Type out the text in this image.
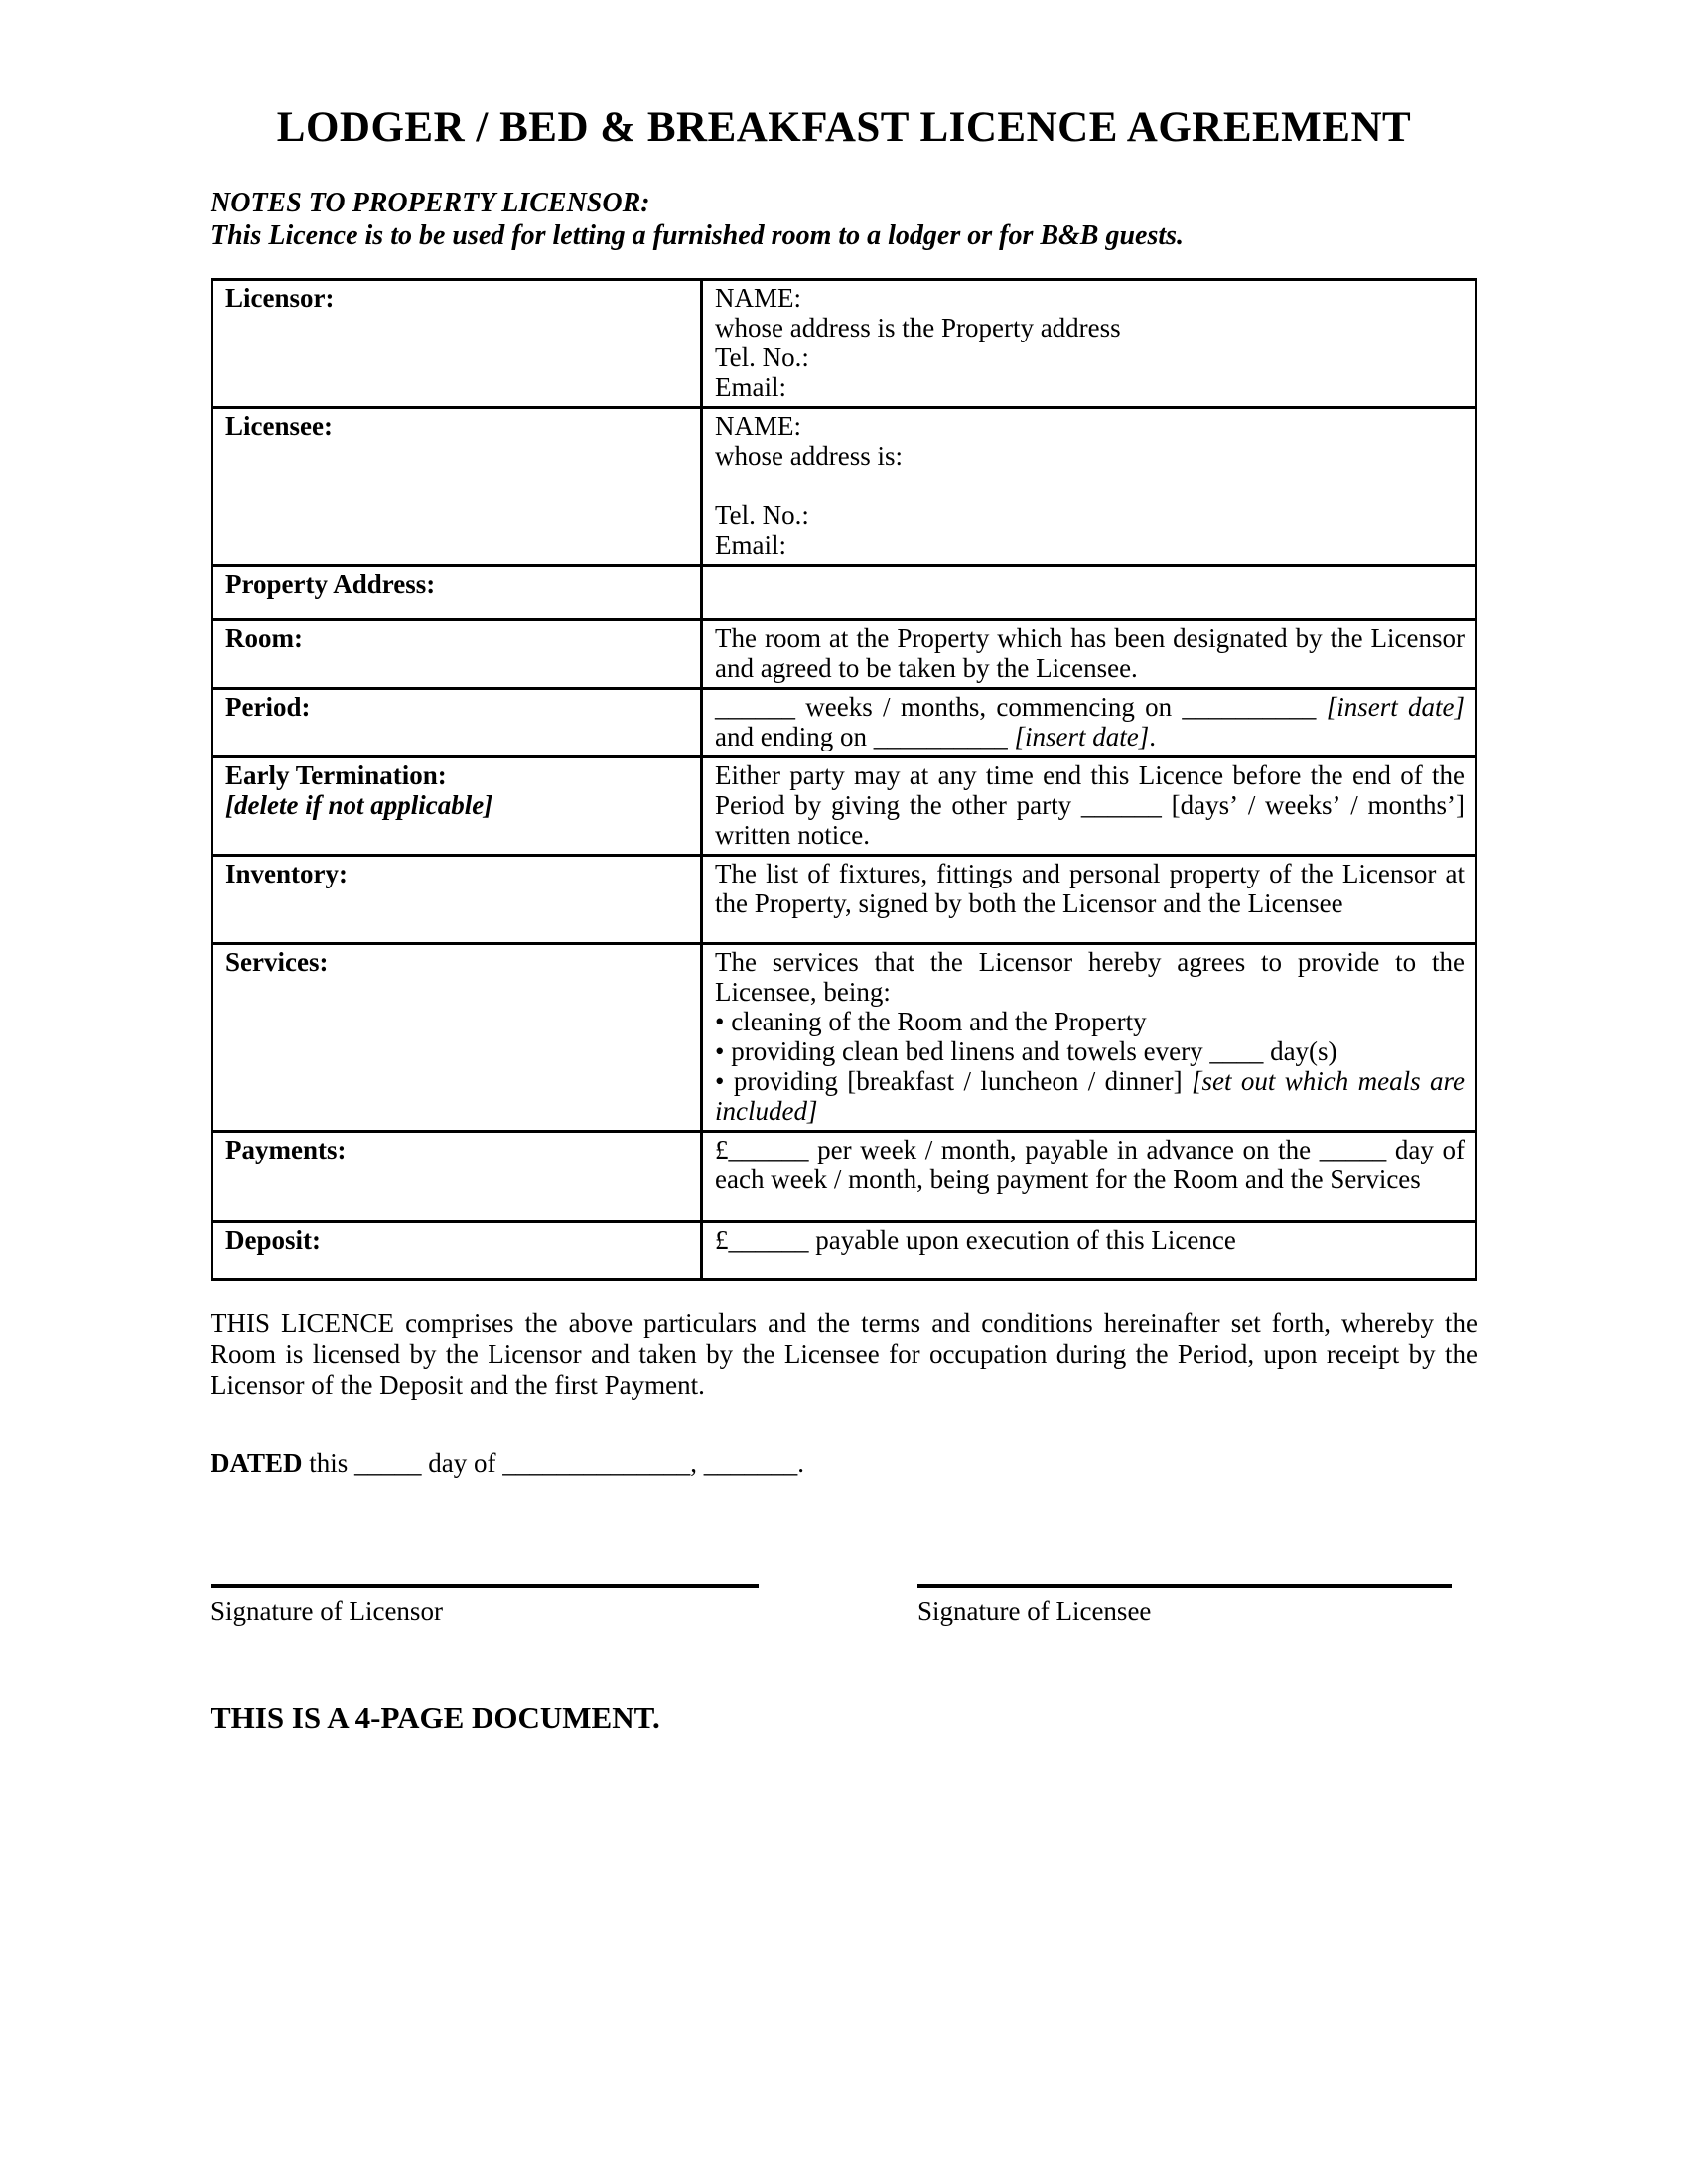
LODGER / BED & BREAKFAST LICENCE AGREEMENT
NOTES TO PROPERTY LICENSOR:
This Licence is to be used for letting a furnished room to a lodger or for B&B guests.
Licensor:	NAME:
whose address is the Property address
Tel. No.:
Email:

Licensee:	NAME:
whose address is:
Tel. No.:
Email:

Property Address:	
Room:	The room at the Property which has been designated by the Licensor and agreed to be taken by the Licensee.

Period:	______ weeks / months, commencing on __________ [insert date] and ending on __________ [insert date].

Early Termination:
[delete if not applicable]	Either party may at any time end this Licence before the end of the Period by giving the other party ______ [days’ / weeks’ / months’] written notice.

Inventory:	The list of fixtures, fittings and personal property of the Licensor at the Property, signed by both the Licensor and the Licensee

Services:	The services that the Licensor hereby agrees to provide to the Licensee, being:

• cleaning of the Room and the Property

• providing clean bed linens and towels every ____ day(s)

• providing [breakfast / luncheon / dinner] [set out which meals are included]

Payments:	£______ per week / month, payable in advance on the _____ day of each week / month, being payment for the Room and the Services

Deposit:	£______ payable upon execution of this Licence

THIS LICENCE comprises the above particulars and the terms and conditions hereinafter set forth, whereby the Room is licensed by the Licensor and taken by the Licensee for occupation during the Period, upon receipt by the Licensor of the Deposit and the first Payment.

DATED this _____ day of ______________, _______.

Signature of Licensor	Signature of Licensee
THIS IS A 4-PAGE DOCUMENT.
